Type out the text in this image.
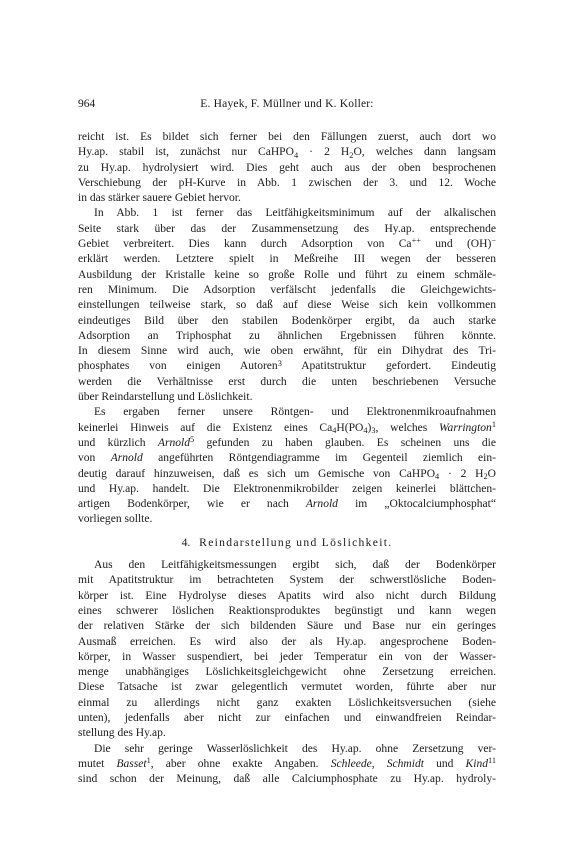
964	E. Hayek, F. Müllner und K. Koller:

reicht ist. Es bildet sich ferner bei den Fällungen zuerst, auch dort wo
Hy.ap. stabil ist, zunächst nur CaHPO$_4$ · 2 $H_2O$, welches dann langsam
zu Hy.ap. hydrolysiert wird. Dies geht auch aus der oben besprochenen
Verschiebung der pH-Kurve in Abb. 1 zwischen der 3. und 12. Woche
in das stärker sauere Gebiet hervor.

In Abb. 1 ist ferner das Leitfähigkeitsminimum auf der alkalischen
Seite stark über das der Zusammensetzung des Hy.ap. entsprechende
Gebiet verbreitert. Dies kann durch Adsorption von Ca++ und (OH)−
erklärt werden. Letztere spielt in Meßreihe III wegen der besseren
Ausbildung der Kristalle keine so große Rolle und führt zu einem schmäle-
ren Minimum. Die Adsorption verfälscht jedenfalls die Gleichgewichts-
einstellungen teilweise stark, so daß auf diese Weise sich kein vollkommen
eindeutiges Bild über den stabilen Bodenkörper ergibt, da auch starke
Adsorption an Triphosphat zu ähnlichen Ergebnissen führen könnte.
In diesem Sinne wird auch, wie oben erwähnt, für ein Dihydrat des Tri-
phosphates von einigen Autoren$^3$ Apatitstruktur gefordert. Eindeutig
werden die Verhältnisse erst durch die unten beschriebenen Versuche
über Reindarstellung und Löslichkeit.

Es ergaben ferner unsere Röntgen- und Elektronenmikroaufnahmen
keinerlei Hinweis auf die Existenz eines $Ca_4H(PO_4)_3$, welches Warrington$^1$
und kürzlich Arnold$^5$ gefunden zu haben glauben. Es scheinen uns die
von Arnold angeführten Röntgendiagramme im Gegenteil ziemlich ein-
deutig darauf hinzuweisen, daß es sich um Gemische von CaHPO$_4$ · 2 $H_2O$
und Hy.ap. handelt. Die Elektronenmikrobilder zeigen keinerlei blättchen-
artigen Bodenkörper, wie er nach Arnold im „Oktocalciumphosphat“
vorliegen sollte.

4. Reindarstellung und Löslichkeit.

Aus den Leitfähigkeitsmessungen ergibt sich, daß der Bodenkörper
mit Apatitstruktur im betrachteten System der schwerstlösliche Boden-
körper ist. Eine Hydrolyse dieses Apatits wird also nicht durch Bildung
eines schwerer löslichen Reaktionsproduktes begünstigt und kann wegen
der relativen Stärke der sich bildenden Säure und Base nur ein geringes
Ausmaß erreichen. Es wird also der als Hy.ap. angesprochene Boden-
körper, in Wasser suspendiert, bei jeder Temperatur ein von der Wasser-
menge unabhängiges Löslichkeitsgleichgewicht ohne Zersetzung erreichen.
Diese Tatsache ist zwar gelegentlich vermutet worden, führte aber nur
einmal zu allerdings nicht ganz exakten Löslichkeitsversuchen (siehe
unten), jedenfalls aber nicht zur einfachen und einwandfreien Reindar-
stellung des Hy.ap.

Die sehr geringe Wasserlöslichkeit des Hy.ap. ohne Zersetzung ver-
mutet Basset$^1$, aber ohne exakte Angaben. Schleede, Schmidt und Kind$^{11}$
sind schon der Meinung, daß alle Calciumphosphate zu Hy.ap. hydroly-
